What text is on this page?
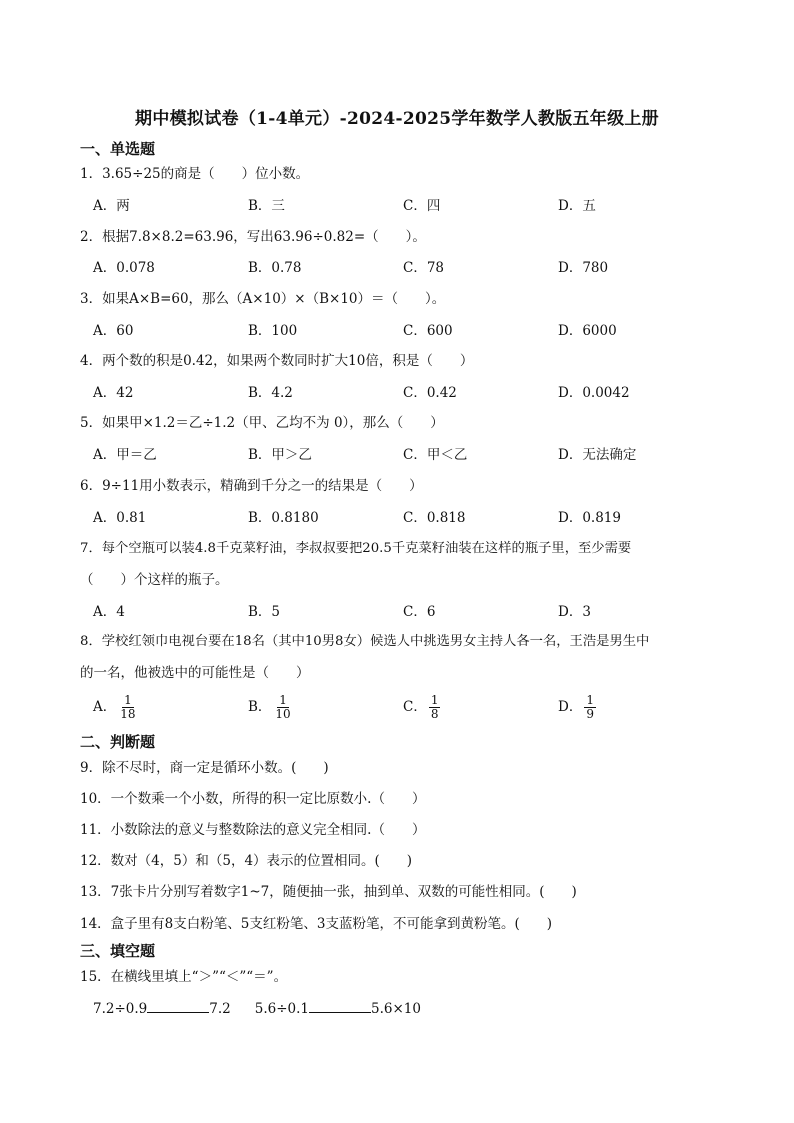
期中模拟试卷（1-4单元）-2024-2025学年数学人教版五年级上册
一、单选题
1．3.65÷25的商是（　　）位小数。
A．两	B．三	C．四	D．五
2．根据7.8×8.2=63.96，写出63.96÷0.82=（　　）。
A．0.078	B．0.78	C．78	D．780
3．如果A×B=60，那么（A×10）×（B×10）＝（　　）。
A．60	B．100	C．600	D．6000
4．两个数的积是0.42，如果两个数同时扩大10倍，积是（　　）
A．42	B．4.2	C．0.42	D．0.0042
5．如果甲×1.2＝乙÷1.2（甲、乙均不为 0），那么（　　）
A．甲＝乙	B．甲＞乙	C．甲＜乙	D．无法确定
6．9÷11用小数表示，精确到千分之一的结果是（　　）
A．0.81	B．0.8180	C．0.818	D．0.819
7．每个空瓶可以装4.8千克菜籽油，李叔叔要把20.5千克菜籽油装在这样的瓶子里，至少需要
（　　）个这样的瓶子。
A．4	B．5	C．6	D．3
8．学校红领巾电视台要在18名（其中10男8女）候选人中挑选男女主持人各一名，王浩是男生中
的一名，他被选中的可能性是（　　）
A． $\frac{1}{18}$	B． $\frac{1}{10}$	C． $\frac{1}{8}$	D． $\frac{1}{9}$
二、判断题
9．除不尽时，商一定是循环小数。(　　)
10．一个数乘一个小数，所得的积一定比原数小.（　　）
11．小数除法的意义与整数除法的意义完全相同.（　　）
12．数对（4，5）和（5，4）表示的位置相同。(　　)
13．7张卡片分别写着数字1~7，随便抽一张，抽到单、双数的可能性相同。(　　)
14．盒子里有8支白粉笔、5支红粉笔、3支蓝粉笔，不可能拿到黄粉笔。(　　)
三、填空题
15．在横线里填上“＞”“＜”“＝”。
7.2÷0.9	7.2 5.6÷0.1	5.6×10
